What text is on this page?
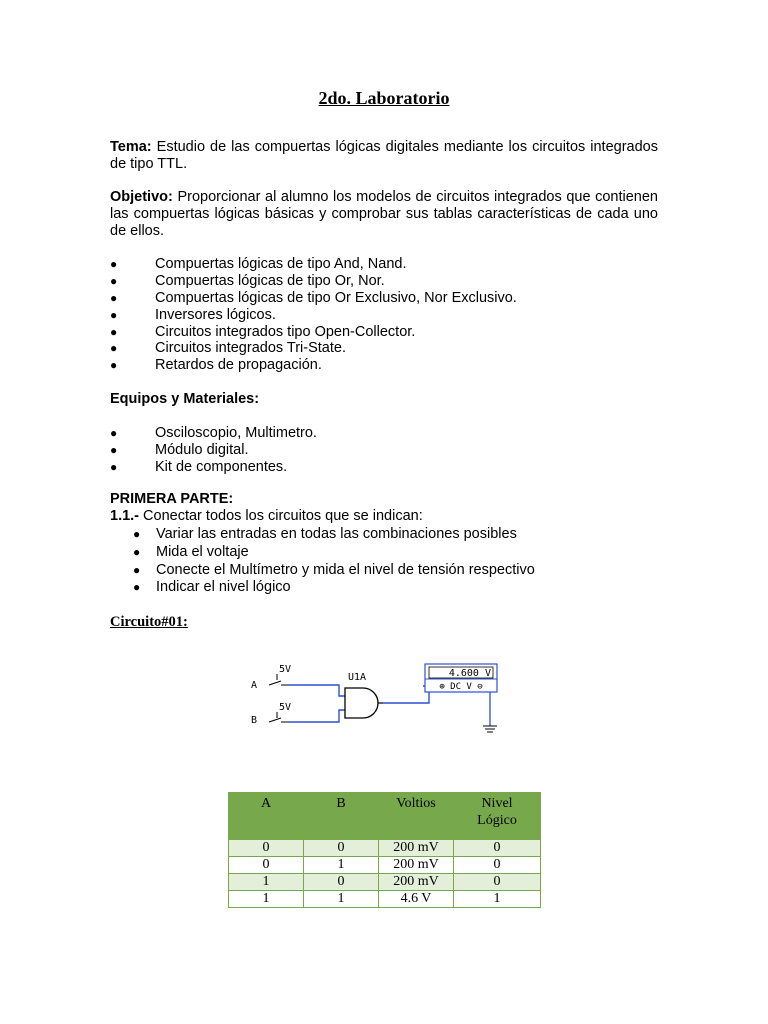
2do. Laboratorio
Tema: Estudio de las compuertas lógicas digitales mediante los circuitos integrados de tipo TTL.
Objetivo: Proporcionar al alumno los modelos de circuitos integrados que contienen las compuertas lógicas básicas y comprobar sus tablas características de cada uno de ellos.
●	Compuertas lógicas de tipo And, Nand.
●	Compuertas lógicas de tipo Or, Nor.
●	Compuertas lógicas de tipo Or Exclusivo, Nor Exclusivo.
●	Inversores lógicos.
●	Circuitos integrados tipo Open-Collector.
●	Circuitos integrados Tri-State.
●	Retardos de propagación.
Equipos y Materiales:
●	Osciloscopio, Multimetro.
●	Módulo digital.
●	Kit de componentes.
PRIMERA PARTE:
1.1.- Conectar todos los circuitos que se indican:
● Variar las entradas en todas las combinaciones posibles
● Mida el voltaje
● Conecte el Multímetro y mida el nivel de tensión respectivo
● Indicar el nivel lógico
Circuito#01:
5V
5V
A
B
U1A	4.600 V
⊕ DC V ⊖
A	B	Voltios	Nivel
Lógico
0	0	200 mV	0
0	1	200 mV	0
1	0	200 mV	0
1	1	4.6 V	1
